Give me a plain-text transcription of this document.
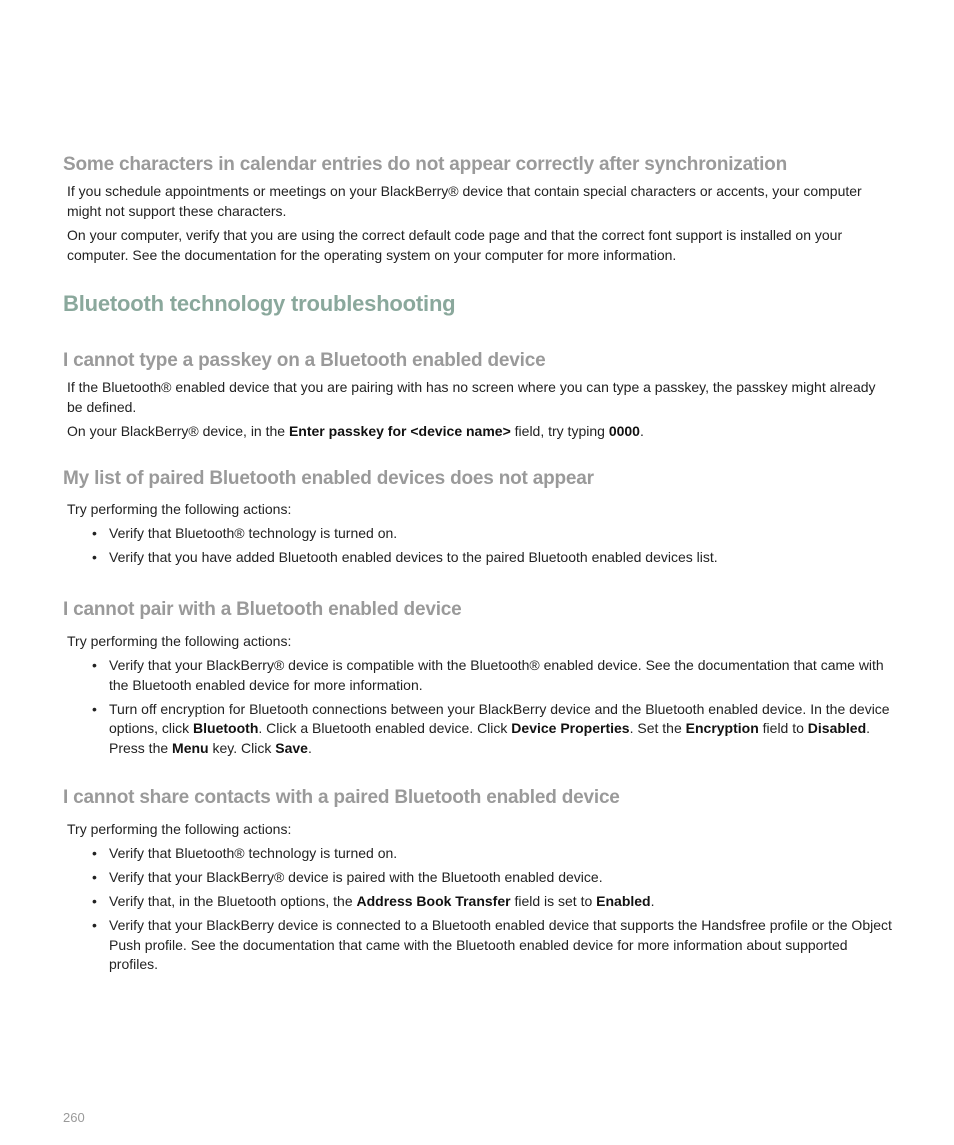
Some characters in calendar entries do not appear correctly after synchronization
If you schedule appointments or meetings on your BlackBerry® device that contain special characters or accents, your computer might not support these characters.
On your computer, verify that you are using the correct default code page and that the correct font support is installed on your computer. See the documentation for the operating system on your computer for more information.
Bluetooth technology troubleshooting
I cannot type a passkey on a Bluetooth enabled device
If the Bluetooth® enabled device that you are pairing with has no screen where you can type a passkey, the passkey might already be defined.
On your BlackBerry® device, in the Enter passkey for <device name> field, try typing 0000.
My list of paired Bluetooth enabled devices does not appear
Try performing the following actions:
• Verify that Bluetooth® technology is turned on.
• Verify that you have added Bluetooth enabled devices to the paired Bluetooth enabled devices list.
I cannot pair with a Bluetooth enabled device
Try performing the following actions:
• Verify that your BlackBerry® device is compatible with the Bluetooth® enabled device. See the documentation that came with the Bluetooth enabled device for more information.
• Turn off encryption for Bluetooth connections between your BlackBerry device and the Bluetooth enabled device. In the device options, click Bluetooth. Click a Bluetooth enabled device. Click Device Properties. Set the Encryption field to Disabled. Press the Menu key. Click Save.
I cannot share contacts with a paired Bluetooth enabled device
Try performing the following actions:
• Verify that Bluetooth® technology is turned on.
• Verify that your BlackBerry® device is paired with the Bluetooth enabled device.
• Verify that, in the Bluetooth options, the Address Book Transfer field is set to Enabled.
• Verify that your BlackBerry device is connected to a Bluetooth enabled device that supports the Handsfree profile or the Object Push profile. See the documentation that came with the Bluetooth enabled device for more information about supported profiles.
260
